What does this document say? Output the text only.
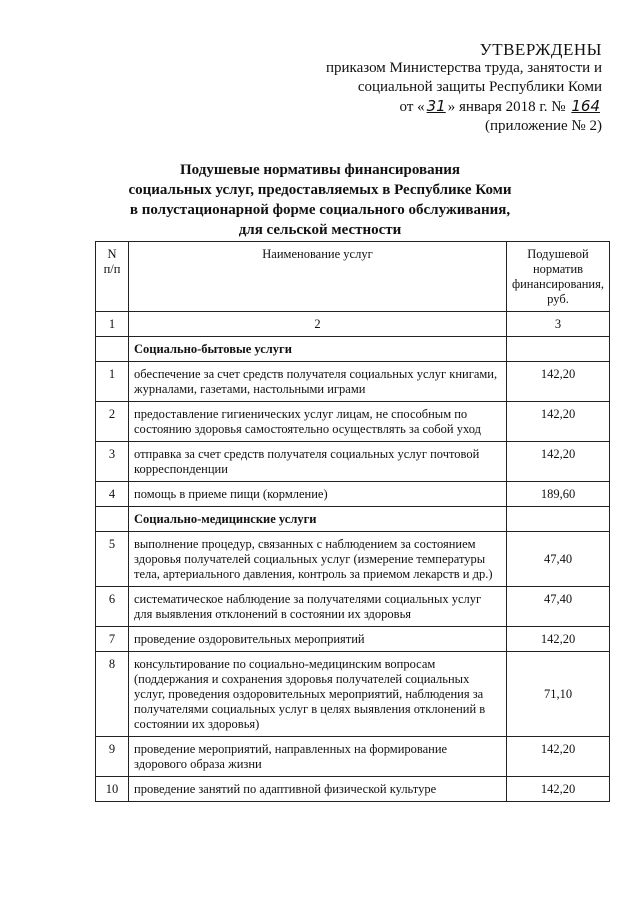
УТВЕРЖДЕНЫ
приказом Министерства труда, занятости и
социальной защиты Республики Коми
от « 31 » января 2018 г. № 164
(приложение № 2)
Подушевые нормативы финансирования
социальных услуг, предоставляемых в Республике Коми
в полустационарной форме социального обслуживания,
для сельской местности
N п/п	Наименование услуг	Подушевой норматив финансирования, руб.
1	2	3
	Социально-бытовые услуги	
1	обеспечение за счет средств получателя социальных услуг книгами, журналами, газетами, настольными играми	142,20
2	предоставление гигиенических услуг лицам, не способным по состоянию здоровья самостоятельно осуществлять за собой уход	142,20
3	отправка за счет средств получателя социальных услуг почтовой корреспонденции	142,20
4	помощь в приеме пищи (кормление)	189,60
	Социально-медицинские услуги	
5	выполнение процедур, связанных с наблюдением за состоянием здоровья получателей социальных услуг (измерение температуры тела, артериального давления, контроль за приемом лекарств и др.)	47,40
6	систематическое наблюдение за получателями социальных услуг для выявления отклонений в состоянии их здоровья	47,40
7	проведение оздоровительных мероприятий	142,20
8	консультирование по социально-медицинским вопросам (поддержания и сохранения здоровья получателей социальных услуг, проведения оздоровительных мероприятий, наблюдения за получателями социальных услуг в целях выявления отклонений в состоянии их здоровья)	71,10
9	проведение мероприятий, направленных на формирование здорового образа жизни	142,20
10	проведение занятий по адаптивной физической культуре	142,20
